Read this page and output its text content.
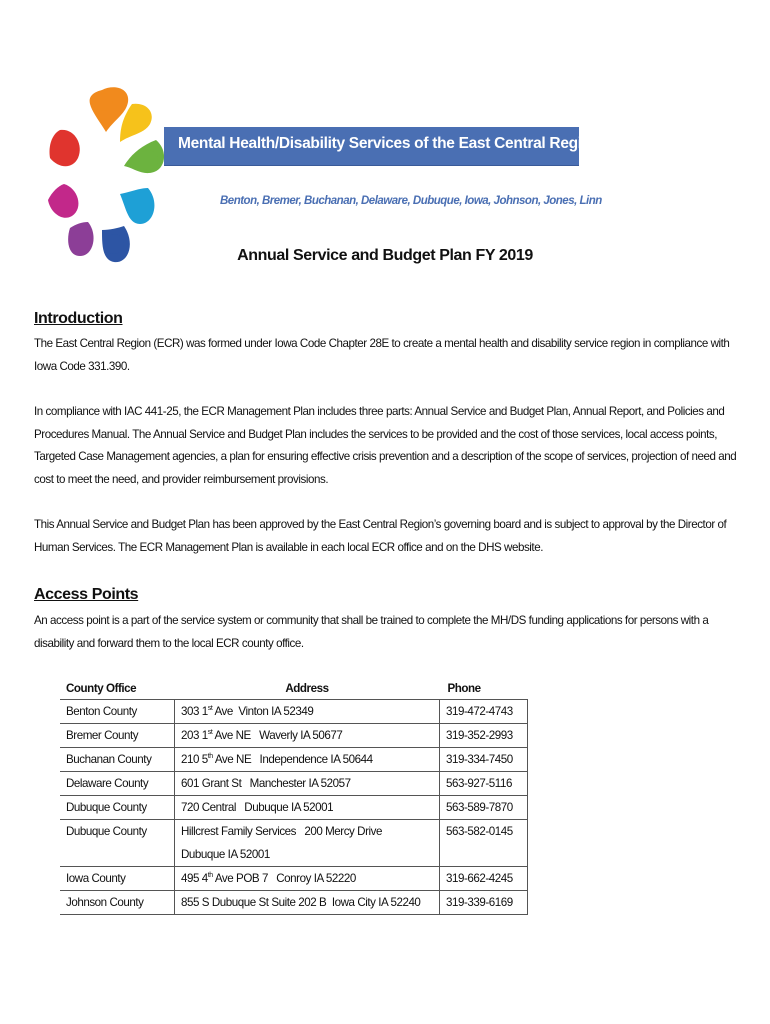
Mental Health/Disability Services of the East Central Region
Benton, Bremer, Buchanan, Delaware, Dubuque, Iowa, Johnson, Jones, Linn
Annual Service and Budget Plan FY 2019
Introduction

The East Central Region (ECR) was formed under Iowa Code Chapter 28E to create a mental health and disability service region in compliance with Iowa Code 331.390.

In compliance with IAC 441-25, the ECR Management Plan includes three parts: Annual Service and Budget Plan, Annual Report, and Policies and Procedures Manual. The Annual Service and Budget Plan includes the services to be provided and the cost of those services, local access points, Targeted Case Management agencies, a plan for ensuring effective crisis prevention and a description of the scope of services, projection of need and cost to meet the need, and provider reimbursement provisions.

This Annual Service and Budget Plan has been approved by the East Central Region’s governing board and is subject to approval by the Director of Human Services. The ECR Management Plan is available in each local ECR office and on the DHS website.

Access Points

An access point is a part of the service system or community that shall be trained to complete the MH/DS funding applications for persons with a disability and forward them to the local ECR county office.

County Office	Address	Phone
Benton County	303 1st Ave  Vinton IA 52349	319-472-4743
Bremer County	203 1st Ave NE   Waverly IA 50677	319-352-2993
Buchanan County	210 5th Ave NE   Independence IA 50644	319-334-7450
Delaware County	601 Grant St   Manchester IA 52057	563-927-5116
Dubuque County	720 Central   Dubuque IA 52001	563-589-7870
Dubuque County	Hillcrest Family Services   200 Mercy Drive
Dubuque IA 52001	563-582-0145
Iowa County	495 4th Ave POB 7   Conroy IA 52220	319-662-4245
Johnson County	855 S Dubuque St Suite 202 B  Iowa City IA 52240	319-339-6169
